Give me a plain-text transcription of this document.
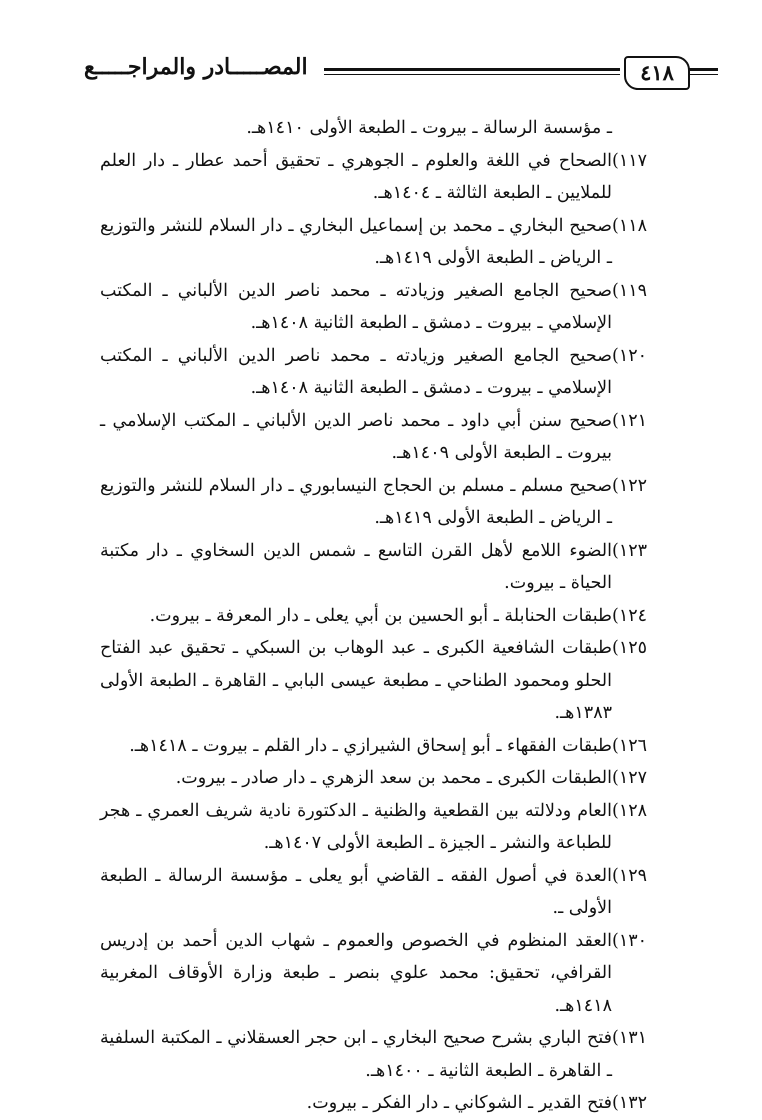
المصـــــادر والمراجـــــع	٤١٨
ـ مؤسسة الرسالة ـ بيروت ـ الطبعة الأولى ١٤١٠هـ.
١١٧)
الصحاح في اللغة والعلوم ـ الجوهري ـ تحقيق أحمد عطار ـ دار العلم للملايين ـ الطبعة الثالثة ـ ١٤٠٤هـ.
١١٨)
صحيح البخاري ـ محمد بن إسماعيل البخاري ـ دار السلام للنشر والتوزيع ـ الرياض ـ الطبعة الأولى ١٤١٩هـ.
١١٩)
صحيح الجامع الصغير وزيادته ـ محمد ناصر الدين الألباني ـ المكتب الإسلامي ـ بيروت ـ دمشق ـ الطبعة الثانية ١٤٠٨هـ.
١٢٠)
صحيح الجامع الصغير وزيادته ـ محمد ناصر الدين الألباني ـ المكتب الإسلامي ـ بيروت ـ دمشق ـ الطبعة الثانية ١٤٠٨هـ.
١٢١)
صحيح سنن أبي داود ـ محمد ناصر الدين الألباني ـ المكتب الإسلامي ـ بيروت ـ الطبعة الأولى ١٤٠٩هـ.
١٢٢)
صحيح مسلم ـ مسلم بن الحجاج النيسابوري ـ دار السلام للنشر والتوزيع ـ الرياض ـ الطبعة الأولى ١٤١٩هـ.
١٢٣)
الضوء اللامع لأهل القرن التاسع ـ شمس الدين السخاوي ـ دار مكتبة الحياة ـ بيروت.
١٢٤)
طبقات الحنابلة ـ أبو الحسين بن أبي يعلى ـ دار المعرفة ـ بيروت.
١٢٥)
طبقات الشافعية الكبرى ـ عبد الوهاب بن السبكي ـ تحقيق عبد الفتاح الحلو ومحمود الطناحي ـ مطبعة عيسى البابي ـ القاهرة ـ الطبعة الأولى ١٣٨٣هـ.
١٢٦)
طبقات الفقهاء ـ أبو إسحاق الشيرازي ـ دار القلم ـ بيروت ـ ١٤١٨هـ.
١٢٧)
الطبقات الكبرى ـ محمد بن سعد الزهري ـ دار صادر ـ بيروت.
١٢٨)
العام ودلالته بين القطعية والظنية ـ الدكتورة نادية شريف العمري ـ هجر للطباعة والنشر ـ الجيزة ـ الطبعة الأولى ١٤٠٧هـ.
١٢٩)
العدة في أصول الفقه ـ القاضي أبو يعلى ـ مؤسسة الرسالة ـ الطبعة الأولى ـ.
١٣٠)
العقد المنظوم في الخصوص والعموم ـ شهاب الدين أحمد بن إدريس القرافي، تحقيق: محمد علوي بنصر ـ طبعة وزارة الأوقاف المغربية ١٤١٨هـ.
١٣١)
فتح الباري بشرح صحيح البخاري ـ ابن حجر العسقلاني ـ المكتبة السلفية ـ القاهرة ـ الطبعة الثانية ـ ١٤٠٠هـ.
١٣٢)
فتح القدير ـ الشوكاني ـ دار الفكر ـ بيروت.
